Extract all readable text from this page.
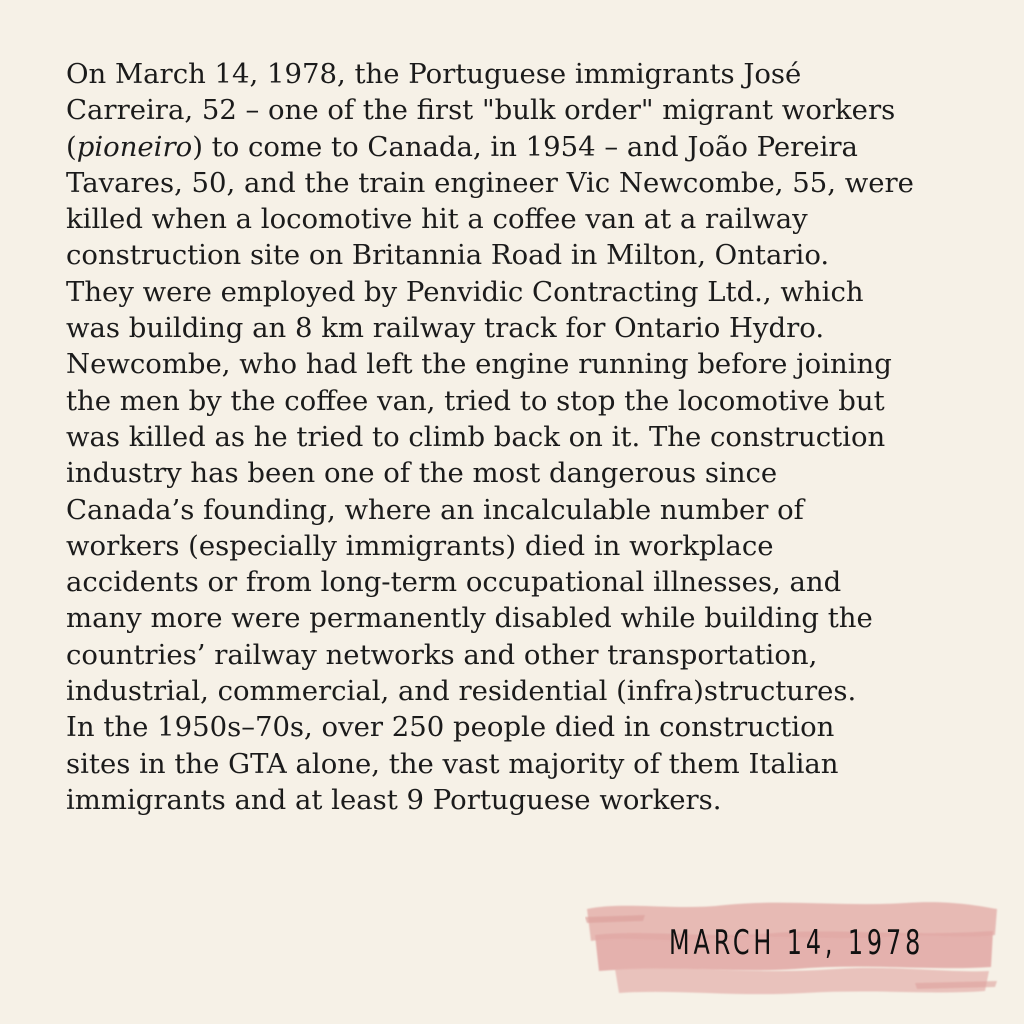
On March 14, 1978, the Portuguese immigrants José
Carreira, 52 – one of the first "bulk order" migrant workers
(pioneiro) to come to Canada, in 1954 – and João Pereira
Tavares, 50, and the train engineer Vic Newcombe, 55, were
killed when a locomotive hit a coffee van at a railway
construction site on Britannia Road in Milton, Ontario.
They were employed by Penvidic Contracting Ltd., which
was building an 8 km railway track for Ontario Hydro.
Newcombe, who had left the engine running before joining
the men by the coffee van, tried to stop the locomotive but
was killed as he tried to climb back on it. The construction
industry has been one of the most dangerous since
Canada’s founding, where an incalculable number of
workers (especially immigrants) died in workplace
accidents or from long-term occupational illnesses, and
many more were permanently disabled while building the
countries’ railway networks and other transportation,
industrial, commercial, and residential (infra)structures.
In the 1950s–70s, over 250 people died in construction
sites in the GTA alone, the vast majority of them Italian
immigrants and at least 9 Portuguese workers.
MARCH 14, 1978
